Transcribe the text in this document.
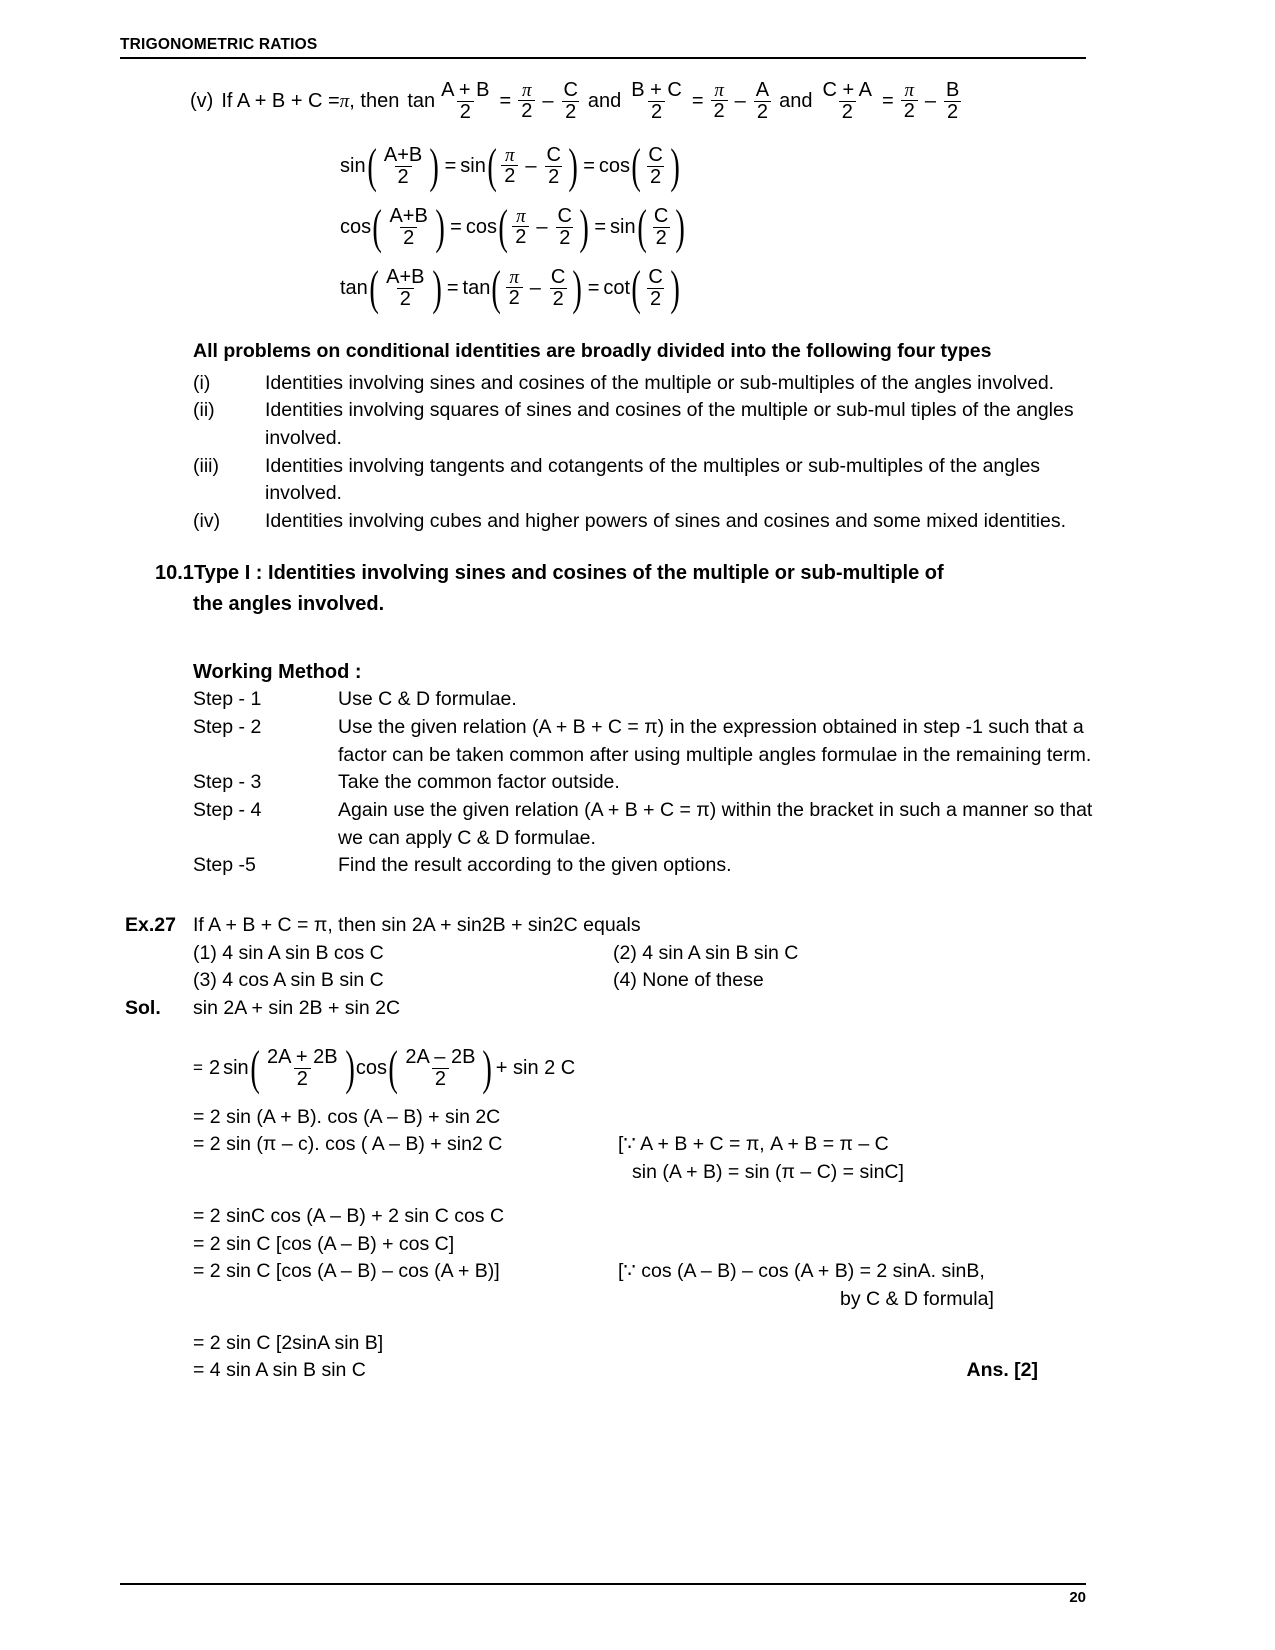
TRIGONOMETRIC RATIOS
(v) If A + B + C = π , then $\tan \frac{A + B}{2} = \frac{\pi}{2} - \frac{C}{2}$ and $\frac{B + C}{2} = \frac{\pi}{2} - \frac{A}{2}$ and $\frac{C + A}{2} = \frac{\pi}{2} - \frac{B}{2}$
sin ( $\frac{A+B}{2}$ ) = sin ( $\frac{\pi}{2} - \frac{C}{2}$ ) = cos ( $\frac{C}{2}$ )
cos ( $\frac{A+B}{2}$ ) = cos ( $\frac{\pi}{2} - \frac{C}{2}$ ) = sin ( $\frac{C}{2}$ )
tan ( $\frac{A+B}{2}$ ) = tan ( $\frac{\pi}{2} - \frac{C}{2}$ ) = cot ( $\frac{C}{2}$ )
All problems on conditional identities are broadly divided into the following four types
(i)	Identities involving sines and cosines of the multiple or sub-multiples of the angles involved.
(ii)	Identities involving squares of sines and cosines of the multiple or sub-mul tiples of the angles involved.
(iii)	Identities involving tangents and cotangents of the multiples or sub-multiples of the angles involved.
(iv)	Identities involving cubes and higher powers of sines and cosines and some mixed identities.
10.1Type I : Identities involving sines and cosines of the multiple or sub-multiple of
the angles involved.
Working Method :
Step - 1	Use C & D formulae.
Step - 2	Use the given relation (A + B + C = π) in the expression obtained in step -1 such that a factor can be taken common after using multiple angles formulae in the remaining term.
Step - 3	Take the common factor outside.
Step - 4	Again use the given relation (A + B + C = π) within the bracket in such a manner so that we can apply C & D formulae.
Step -5	Find the result according to the given options.
Ex.27 If A + B + C = π, then sin 2A + sin2B + sin2C equals
(1) 4 sin A sin B cos C	(2) 4 sin A sin B sin C
(3) 4 cos A sin B sin C	(4) None of these
Sol.	sin 2A + sin 2B + sin 2C
= 2 sin ( $\frac{2A + 2B}{2}$ ) cos ( $\frac{2A - 2B}{2}$ ) + sin 2 C
= 2 sin (A + B). cos (A – B) + sin 2C
= 2 sin (π – c). cos ( A – B) + sin2 C	[∵ A + B + C = π, A + B = π – C
sin (A + B) = sin (π – C) = sinC]
= 2 sinC cos (A – B) + 2 sin C cos C
= 2 sin C [cos (A – B) + cos C]
= 2 sin C [cos (A – B) – cos (A + B)]	[∵ cos (A – B) – cos (A + B) = 2 sinA. sinB,
by C & D formula]
= 2 sin C [2sinA sin B]
= 4 sin A sin B sin C	Ans. [2]
20
